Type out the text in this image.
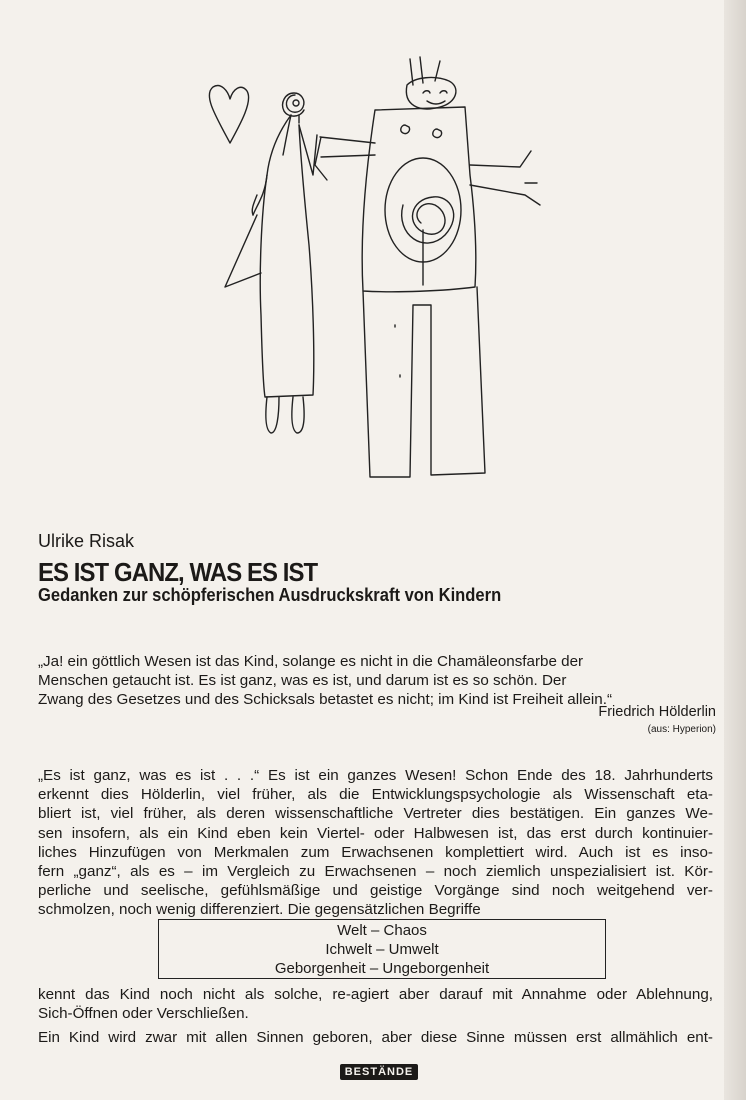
Ulrike Risak
ES IST GANZ, WAS ES IST
Gedanken zur schöpferischen Ausdruckskraft von Kindern
„Ja! ein göttlich Wesen ist das Kind, solange es nicht in die Chamäleonsfarbe der
Menschen getaucht ist. Es ist ganz, was es ist, und darum ist es so schön. Der
Zwang des Gesetzes und des Schicksals betastet es nicht; im Kind ist Freiheit allein.“
Friedrich Hölderlin
(aus: Hyperion)
„Es ist ganz, was es ist . . .“ Es ist ein ganzes Wesen! Schon Ende des 18. Jahrhunderts
erkennt dies Hölderlin, viel früher, als die Entwicklungspsychologie als Wissenschaft eta-
bliert ist, viel früher, als deren wissenschaftliche Vertreter dies bestätigen. Ein ganzes We-
sen insofern, als ein Kind eben kein Viertel- oder Halbwesen ist, das erst durch kontinuier-
liches Hinzufügen von Merkmalen zum Erwachsenen komplettiert wird. Auch ist es inso-
fern „ganz“, als es – im Vergleich zu Erwachsenen – noch ziemlich unspezialisiert ist. Kör-
perliche und seelische, gefühlsmäßige und geistige Vorgänge sind noch weitgehend ver-
schmolzen, noch wenig differenziert. Die gegensätzlichen Begriffe
Welt – Chaos
Ichwelt – Umwelt
Geborgenheit – Ungeborgenheit
kennt das Kind noch nicht als solche, re-agiert aber darauf mit Annahme oder Ablehnung,
Sich-Öffnen oder Verschließen.
Ein Kind wird zwar mit allen Sinnen geboren, aber diese Sinne müssen erst allmählich ent-
BESTÄNDE
